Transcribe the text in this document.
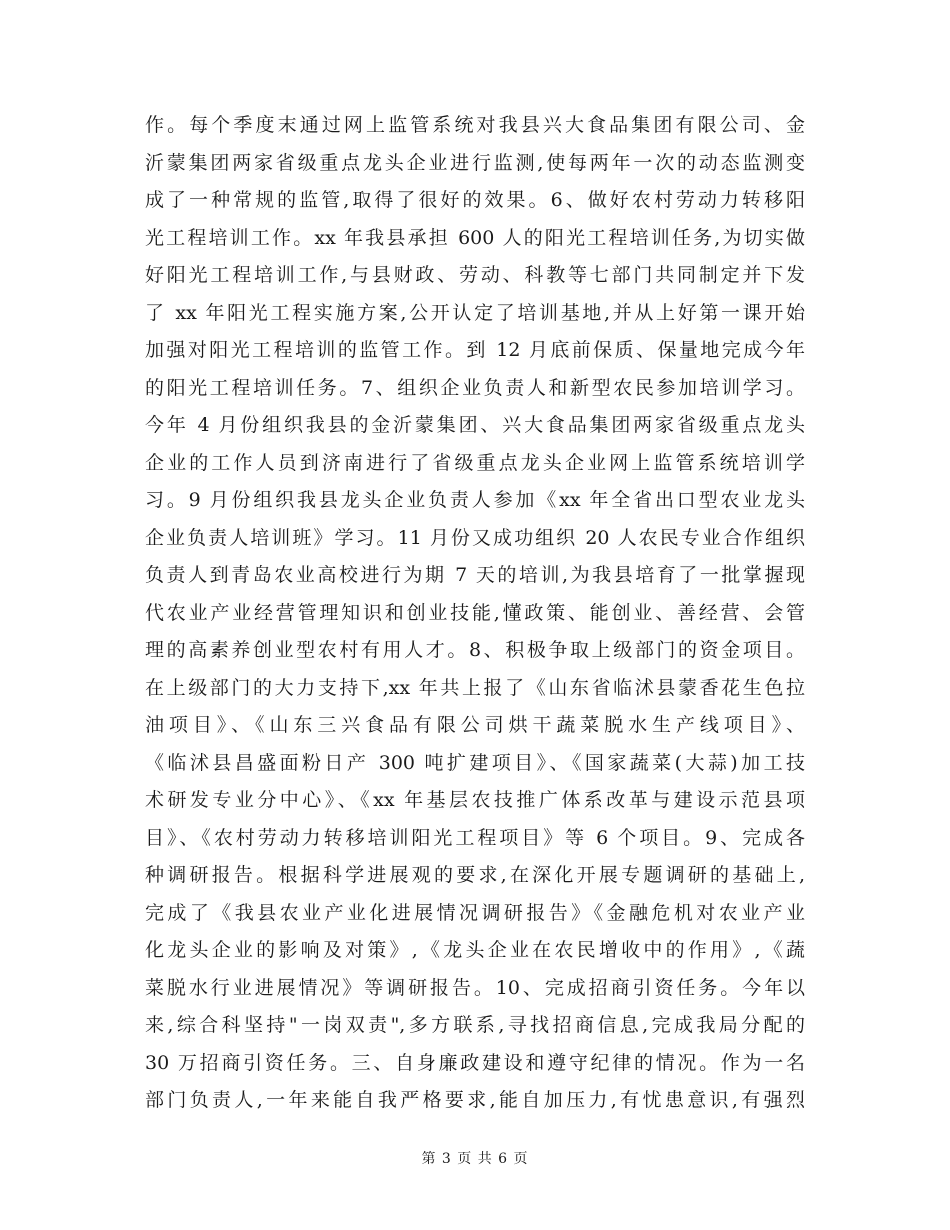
作。每个季度末通过网上监管系统对我县兴大食品集团有限公司、金
沂蒙集团两家省级重点龙头企业进行监测,使每两年一次的动态监测变
成了一种常规的监管,取得了很好的效果。6、做好农村劳动力转移阳
光工程培训工作。xx 年我县承担 600 人的阳光工程培训任务,为切实做
好阳光工程培训工作,与县财政、劳动、科教等七部门共同制定并下发
了 xx 年阳光工程实施方案,公开认定了培训基地,并从上好第一课开始
加强对阳光工程培训的监管工作。到 12 月底前保质、保量地完成今年
的阳光工程培训任务。7、组织企业负责人和新型农民参加培训学习。
今年 4 月份组织我县的金沂蒙集团、兴大食品集团两家省级重点龙头
企业的工作人员到济南进行了省级重点龙头企业网上监管系统培训学
习。9 月份组织我县龙头企业负责人参加《xx 年全省出口型农业龙头
企业负责人培训班》学习。11 月份又成功组织 20 人农民专业合作组织
负责人到青岛农业高校进行为期 7 天的培训,为我县培育了一批掌握现
代农业产业经营管理知识和创业技能,懂政策、能创业、善经营、会管
理的高素养创业型农村有用人才。8、积极争取上级部门的资金项目。
在上级部门的大力支持下,xx 年共上报了《山东省临沭县蒙香花生色拉
油项目》、《山东三兴食品有限公司烘干蔬菜脱水生产线项目》、
《临沭县昌盛面粉日产 300 吨扩建项目》、《国家蔬菜(大蒜)加工技
术研发专业分中心》、《xx 年基层农技推广体系改革与建设示范县项
目》、《农村劳动力转移培训阳光工程项目》等 6 个项目。9、完成各
种调研报告。根据科学进展观的要求,在深化开展专题调研的基础上,
完成了《我县农业产业化进展情况调研报告》《金融危机对农业产业
化龙头企业的影响及对策》,《龙头企业在农民增收中的作用》,《蔬
菜脱水行业进展情况》等调研报告。10、完成招商引资任务。今年以
来,综合科坚持"一岗双责",多方联系,寻找招商信息,完成我局分配的
30 万招商引资任务。三、自身廉政建设和遵守纪律的情况。作为一名
部门负责人,一年来能自我严格要求,能自加压力,有忧患意识,有强烈
第 3 页 共 6 页
